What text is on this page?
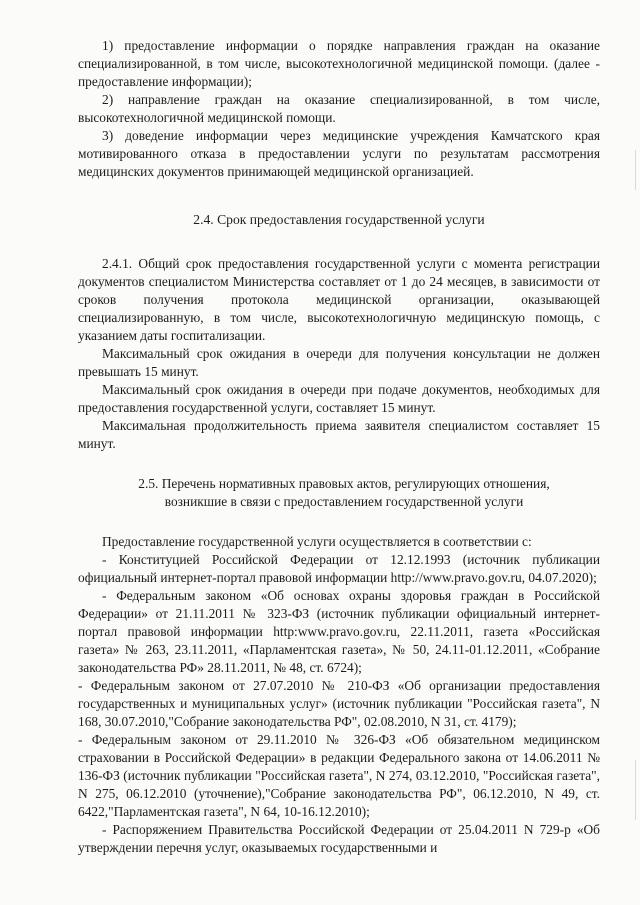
1) предоставление информации о порядке направления граждан на оказание специализированной, в том числе, высокотехнологичной медицинской помощи. (далее - предоставление информации);

2) направление граждан на оказание специализированной, в том числе, высокотехнологичной медицинской помощи.

3) доведение информации через медицинские учреждения Камчатского края мотивированного отказа в предоставлении услуги по результатам рассмотрения медицинских документов принимающей медицинской организацией.

2.4. Срок предоставления государственной услуги

2.4.1. Общий срок предоставления государственной услуги с момента регистрации документов специалистом Министерства составляет от 1 до 24 месяцев, в зависимости от сроков получения протокола медицинской организации, оказывающей специализированную, в том числе, высокотехнологичную медицинскую помощь, с указанием даты госпитализации.

Максимальный срок ожидания в очереди для получения консультации не должен превышать 15 минут.

Максимальный срок ожидания в очереди при подаче документов, необходимых для предоставления государственной услуги, составляет 15 минут.

Максимальная продолжительность приема заявителя специалистом составляет 15 минут.

2.5. Перечень нормативных правовых актов, регулирующих отношения,

возникшие в связи с предоставлением государственной услуги

Предоставление государственной услуги осуществляется в соответствии с:

- Конституцией Российской Федерации от 12.12.1993 (источник публикации официальный интернет-портал правовой информации http://www.pravo.gov.ru, 04.07.2020);

- Федеральным законом «Об основах охраны здоровья граждан в Российской Федерации» от 21.11.2011 № 323-ФЗ (источник публикации официальный интернет-портал правовой информации http:www.pravo.gov.ru, 22.11.2011, газета «Российская газета» № 263, 23.11.2011, «Парламентская газета», № 50, 24.11-01.12.2011, «Собрание законодательства РФ» 28.11.2011, № 48, ст. 6724);

- Федеральным законом от 27.07.2010 № 210-ФЗ «Об организации предоставления государственных и муниципальных услуг» (источник публикации "Российская газета", N 168, 30.07.2010,"Собрание законодательства РФ", 02.08.2010, N 31, ст. 4179);

- Федеральным законом от 29.11.2010 № 326-ФЗ «Об обязательном медицинском страховании в Российской Федерации» в редакции Федерального закона от 14.06.2011 № 136-ФЗ (источник публикации "Российская газета", N 274, 03.12.2010, "Российская газета", N 275, 06.12.2010 (уточнение),"Собрание законодательства РФ", 06.12.2010, N 49, ст. 6422,"Парламентская газета", N 64, 10-16.12.2010);

- Распоряжением Правительства Российской Федерации от 25.04.2011 N 729-р «Об утверждении перечня услуг, оказываемых государственными и
